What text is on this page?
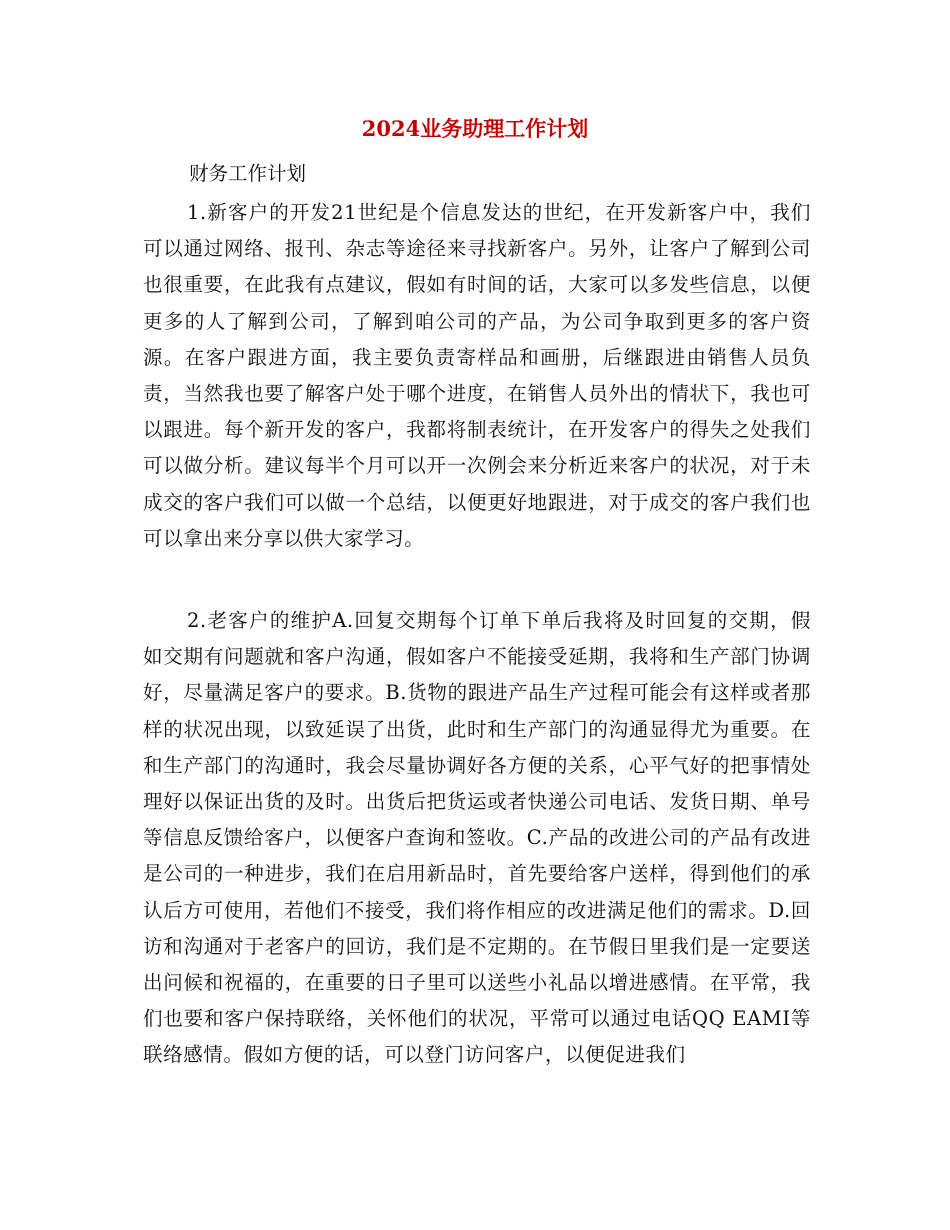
2024业务助理工作计划

财务工作计划

1.新客户的开发21世纪是个信息发达的世纪，在开发新客户中，我们可以通过网络、报刊、杂志等途径来寻找新客户。另外，让客户了解到公司也很重要，在此我有点建议，假如有时间的话，大家可以多发些信息，以便更多的人了解到公司，了解到咱公司的产品，为公司争取到更多的客户资源。在客户跟进方面，我主要负责寄样品和画册，后继跟进由销售人员负责，当然我也要了解客户处于哪个进度，在销售人员外出的情状下，我也可以跟进。每个新开发的客户，我都将制表统计，在开发客户的得失之处我们可以做分析。建议每半个月可以开一次例会来分析近来客户的状况，对于未成交的客户我们可以做一个总结，以便更好地跟进，对于成交的客户我们也可以拿出来分享以供大家学习。

2.老客户的维护A.回复交期每个订单下单后我将及时回复的交期，假如交期有问题就和客户沟通，假如客户不能接受延期，我将和生产部门协调好，尽量满足客户的要求。B.货物的跟进产品生产过程可能会有这样或者那样的状况出现，以致延误了出货，此时和生产部门的沟通显得尤为重要。在和生产部门的沟通时，我会尽量协调好各方便的关系，心平气好的把事情处理好以保证出货的及时。出货后把货运或者快递公司电话、发货日期、单号等信息反馈给客户，以便客户查询和签收。C.产品的改进公司的产品有改进是公司的一种进步，我们在启用新品时，首先要给客户送样，得到他们的承认后方可使用，若他们不接受，我们将作相应的改进满足他们的需求。D.回访和沟通对于老客户的回访，我们是不定期的。在节假日里我们是一定要送出问候和祝福的，在重要的日子里可以送些小礼品以增进感情。在平常，我们也要和客户保持联络，关怀他们的状况，平常可以通过电话QQ EAMI等联络感情。假如方便的话，可以登门访问客户，以便促进我们
